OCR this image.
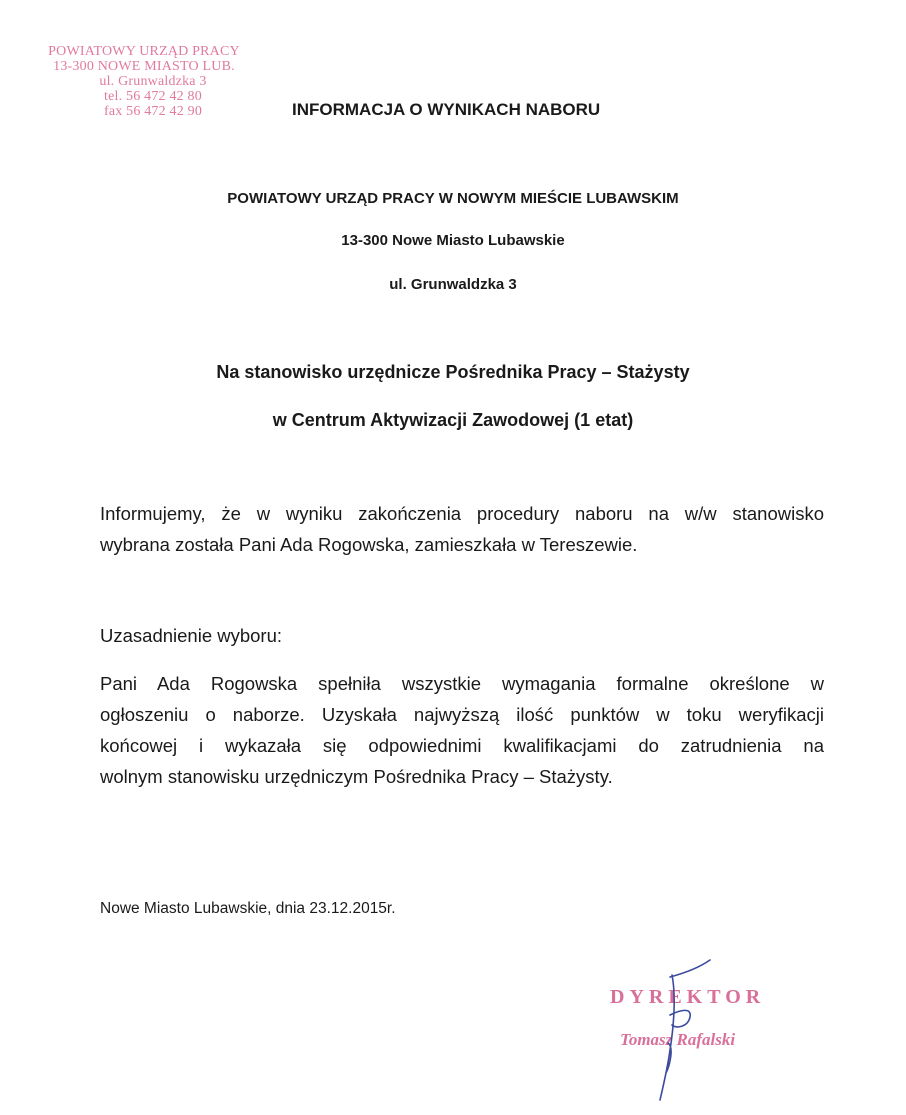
POWIATOWY URZĄD PRACY
13-300 NOWE MIASTO LUB.
ul. Grunwaldzka 3
tel. 56 472 42 80
fax 56 472 42 90	INFORMACJA O WYNIKACH NABORU
POWIATOWY URZĄD PRACY W NOWYM MIEŚCIE LUBAWSKIM
13-300 Nowe Miasto Lubawskie
ul. Grunwaldzka 3
Na stanowisko urzędnicze Pośrednika Pracy – Stażysty
w Centrum Aktywizacji Zawodowej (1 etat)
Informujemy, że w wyniku zakończenia procedury naboru na w/w stanowisko
wybrana została Pani Ada Rogowska, zamieszkała w Tereszewie.
Uzasadnienie wyboru:
Pani Ada Rogowska spełniła wszystkie wymagania formalne określone w
ogłoszeniu o naborze. Uzyskała najwyższą ilość punktów w toku weryfikacji
końcowej i wykazała się odpowiednimi kwalifikacjami do zatrudnienia na
wolnym stanowisku urzędniczym Pośrednika Pracy – Stażysty.
Nowe Miasto Lubawskie, dnia 23.12.2015r.
DYREKTOR
Tomasz Rafalski
